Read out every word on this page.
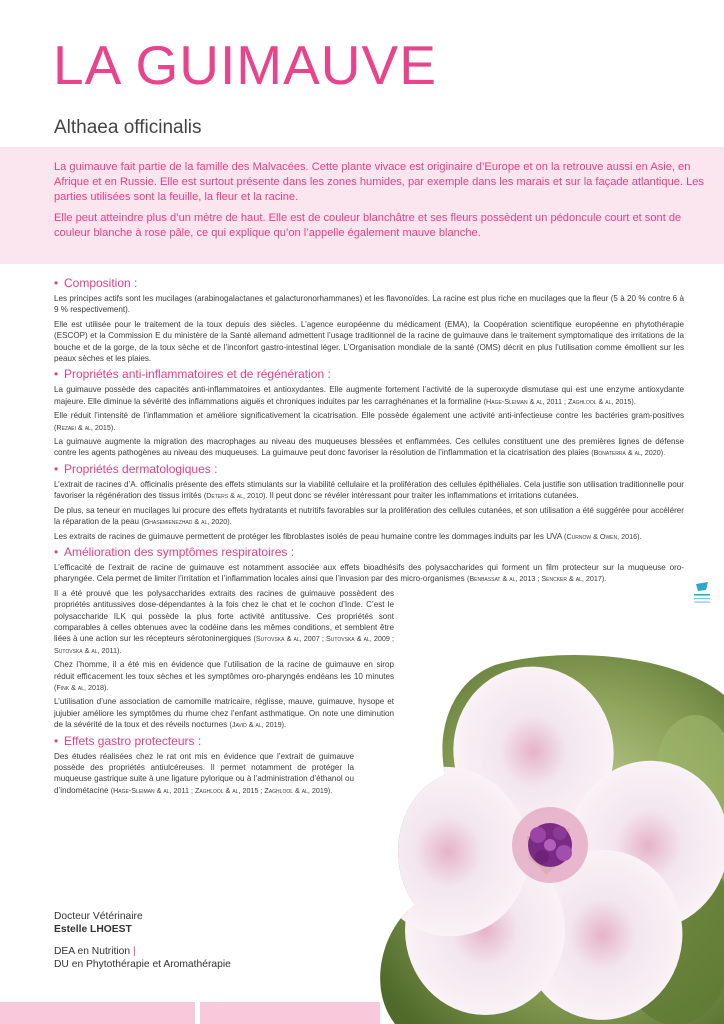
LA GUIMAUVE
Althaea officinalis

La guimauve fait partie de la famille des Malvacées. Cette plante vivace est originaire d’Europe et on la retrouve aussi en Asie, en Afrique et en Russie. Elle est surtout présente dans les zones humides, par exemple dans les marais et sur la façade atlantique. Les parties utilisées sont la feuille, la fleur et la racine.

Elle peut atteindre plus d’un mètre de haut. Elle est de couleur blanchâtre et ses fleurs possèdent un pédoncule court et sont de couleur blanche à rose pâle, ce qui explique qu’on l’appelle également mauve blanche.

• Composition :

Les principes actifs sont les mucilages (arabinogalactanes et galacturonorhammanes) et les flavonoïdes. La racine est plus riche en mucilages que la fleur (5 à 20 % contre 6 à 9 % respectivement).

Elle est utilisée pour le traitement de la toux depuis des siècles. L’agence européenne du médicament (EMA), la Coopération scientifique européenne en phytothérapie (ESCOP) et la Commission E du ministère de la Santé allemand admettent l’usage traditionnel de la racine de guimauve dans le traitement symptomatique des irritations de la bouche et de la gorge, de la toux sèche et de l’inconfort gastro-intestinal léger. L’Organisation mondiale de la santé (OMS) décrit en plus l’utilisation comme émollient sur les peaux sèches et les plaies.

• Propriétés anti-inflammatoires et de régénération :

La guimauve possède des capacités anti-inflammatoires et antioxydantes. Elle augmente fortement l’activité de la superoxyde dismutase qui est une enzyme antioxydante majeure. Elle diminue la sévérité des inflammations aiguës et chroniques induites par les carraghénanes et la formaline (Hage-Sleiman & al, 2011 ; Zaghlool & al, 2015).

Elle réduit l’intensité de l’inflammation et améliore significativement la cicatrisation. Elle possède également une activité anti-infectieuse contre les bactéries gram-positives (Rezaei & al, 2015).

La guimauve augmente la migration des macrophages au niveau des muqueuses blessées et enflammées. Ces cellules constituent une des premières lignes de défense contre les agents pathogènes au niveau des muqueuses. La guimauve peut donc favoriser la résolution de l’inflammation et la cicatrisation des plaies (Bonaterra & al, 2020).

• Propriétés dermatologiques :

L’extrait de racines d’A. officinalis présente des effets stimulants sur la viabilité cellulaire et la prolifération des cellules épithéliales. Cela justifie son utilisation traditionnelle pour favoriser la régénération des tissus irrités (Deters & al, 2010). Il peut donc se révéler intéressant pour traiter les inflammations et irritations cutanées.

De plus, sa teneur en mucilages lui procure des effets hydratants et nutritifs favorables sur la prolifération des cellules cutanées, et son utilisation a été suggérée pour accélérer la réparation de la peau (Ghasemienezhad & al, 2020).

Les extraits de racines de guimauve permettent de protéger les fibroblastes isolés de peau humaine contre les dommages induits par les UVA (Curnow & Owen, 2016).

• Amélioration des symptômes respiratoires :

L’efficacité de l’extrait de racine de guimauve est notamment associée aux effets bioadhésifs des polysaccharides qui forment un film protecteur sur la muqueuse oro-pharyngée. Cela permet de limiter l’irritation et l’inflammation locales ainsi que l’invasion par des micro-organismes (Benbassat & al, 2013 ; Sencker & al, 2017).

Il a été prouvé que les polysaccharides extraits des racines de guimauve possèdent des propriétés antitussives dose-dépendantes à la fois chez le chat et le cochon d’Inde. C’est le polysaccharide ILK qui possède la plus forte activité antitussive. Ces propriétés sont comparables à celles obtenues avec la codéine dans les mêmes conditions, et semblent être liées à une action sur les récepteurs sérotoninergiques (Sutovska & al, 2007 ; Sutovska & al, 2009 ; Sutovska & al, 2011).

Chez l’homme, il a été mis en évidence que l’utilisation de la racine de guimauve en sirop réduit efficacement les toux sèches et les symptômes oro-pharyngés endéans les 10 minutes (Fink & al, 2018).

L’utilisation d’une association de camomille matricaire, réglisse, mauve, guimauve, hysope et jujubier améliore les symptômes du rhume chez l’enfant asthmatique. On note une diminution de la sévérité de la toux et des réveils nocturnes (Javid & al, 2019).

• Effets gastro protecteurs :

Des études réalisées chez le rat ont mis en évidence que l’extrait de guimauve possède des propriétés antiulcéreuses. Il permet notamment de protéger la muqueuse gastrique suite à une ligature pylorique ou à l’administration d’éthanol ou d’indométacine (Hage-Sleiman & al, 2011 ; Zaghlool & al, 2015 ; Zaghlool & al, 2019).

Docteur Vétérinaire
Estelle LHOEST
DEA en Nutrition |
DU en Phytothérapie et Aromathérapie
